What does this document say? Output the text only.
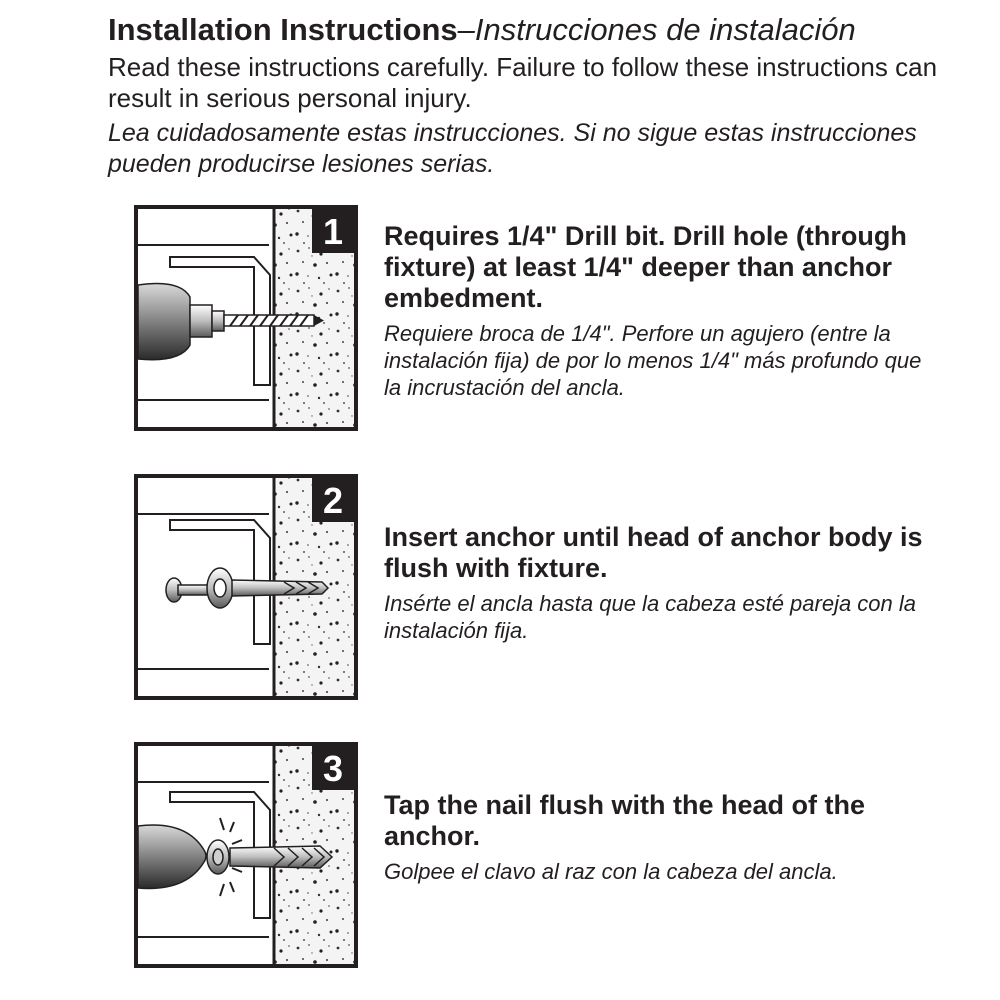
Installation Instructions–Instrucciones de instalación

Read these instructions carefully. Failure to follow these instructions can result in serious personal injury.

Lea cuidadosamente estas instrucciones. Si no sigue estas instrucciones pueden producirse lesiones serias.

1 Requires 1/4" Drill bit. Drill hole (through fixture) at least 1/4" deeper than anchor embedment.

Requiere broca de 1/4". Perfore un agujero (entre la instalación fija) de por lo menos 1/4" más profundo que la incrustación del ancla.

2

Insert anchor until head of anchor body is flush with fixture.

Insérte el ancla hasta que la cabeza esté pareja con la instalación fija.

3

Tap the nail flush with the head of the anchor.

Golpee el clavo al raz con la cabeza del ancla.
